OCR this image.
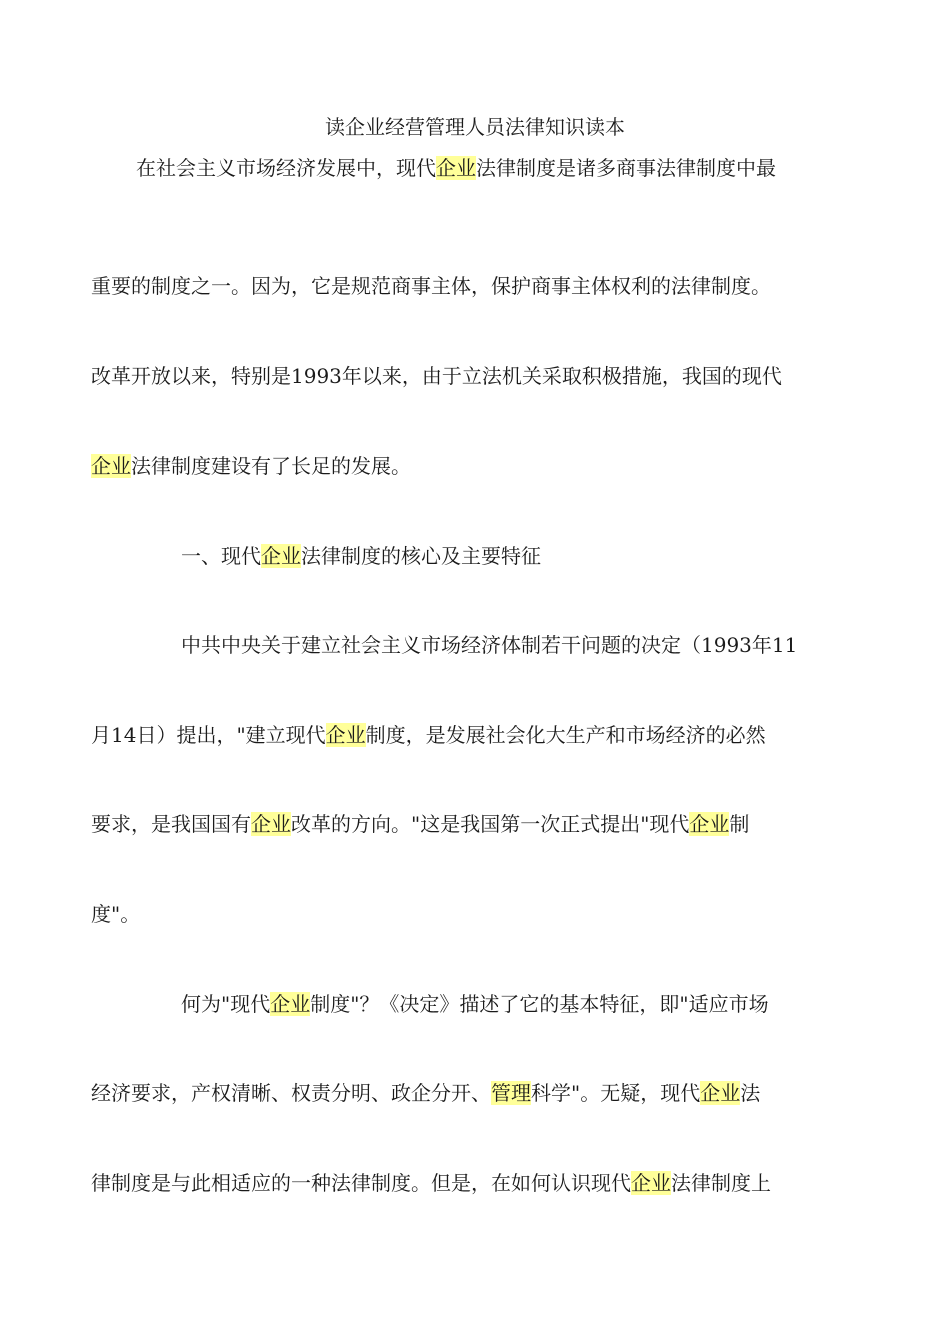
读企业经营管理人员法律知识读本
在社会主义市场经济发展中，现代企业法律制度是诸多商事法律制度中最
重要的制度之一。因为，它是规范商事主体，保护商事主体权利的法律制度。
改革开放以来，特别是1993年以来，由于立法机关采取积极措施，我国的现代
企业法律制度建设有了长足的发展。
一、现代企业法律制度的核心及主要特征
中共中央关于建立社会主义市场经济体制若干问题的决定（1993年11
月14日）提出，"建立现代企业制度，是发展社会化大生产和市场经济的必然
要求，是我国国有企业改革的方向。"这是我国第一次正式提出"现代企业制
度"。
何为"现代企业制度"？《决定》描述了它的基本特征，即"适应市场
经济要求，产权清晰、权责分明、政企分开、管理科学"。无疑，现代企业法
律制度是与此相适应的一种法律制度。但是，在如何认识现代企业法律制度上
